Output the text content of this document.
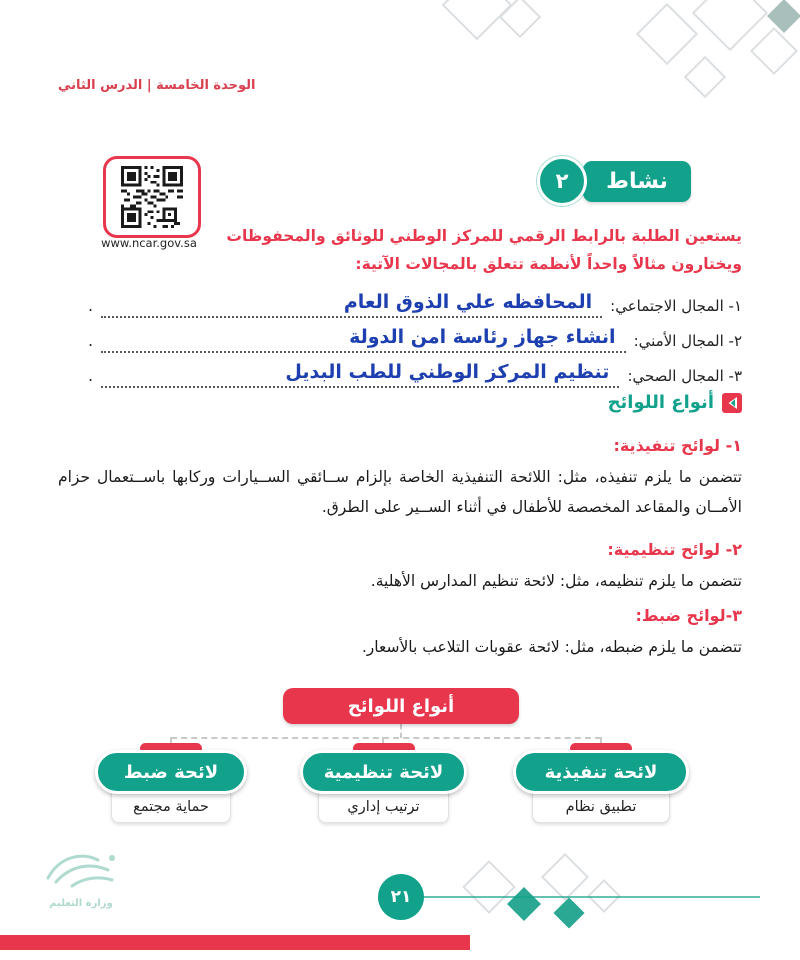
الوحدة الخامسة | الدرس الثاني
نشاط
٢
www.ncar.gov.sa	يستعين الطلبة بالرابط الرقمي للمركز الوطني للوثائق والمحفوظات ويختارون مثالاً واحداً لأنظمة تتعلق بالمجالات الآتية:
١- المجال الاجتماعي:
المحافظه علي الذوق العام
.
٢- المجال الأمني:
انشاء جهاز رئاسة امن الدولة
.
٣- المجال الصحي:
تنظيم المركز الوطني للطب البديل
.
أنواع اللوائح
١- لوائح تنفيذية:
تتضمن ما يلزم تنفيذه، مثل: اللائحة التنفيذية الخاصة بإلزام ســائقي الســيارات وركابها باســتعمال حزام الأمــان والمقاعد المخصصة للأطفال في أثناء الســير على الطرق.
٢- لوائح تنظيمية:
تتضمن ما يلزم تنظيمه، مثل: لائحة تنظيم المدارس الأهلية.
٣-لوائح ضبط:
تتضمن ما يلزم ضبطه، مثل: لائحة عقوبات التلاعب بالأسعار.
أنواع اللوائح
لائحة تنفيذية
تطبيق نظام
لائحة تنظيمية
ترتيب إداري
لائحة ضبط
حماية مجتمع
٢١
وزارة التعليم
